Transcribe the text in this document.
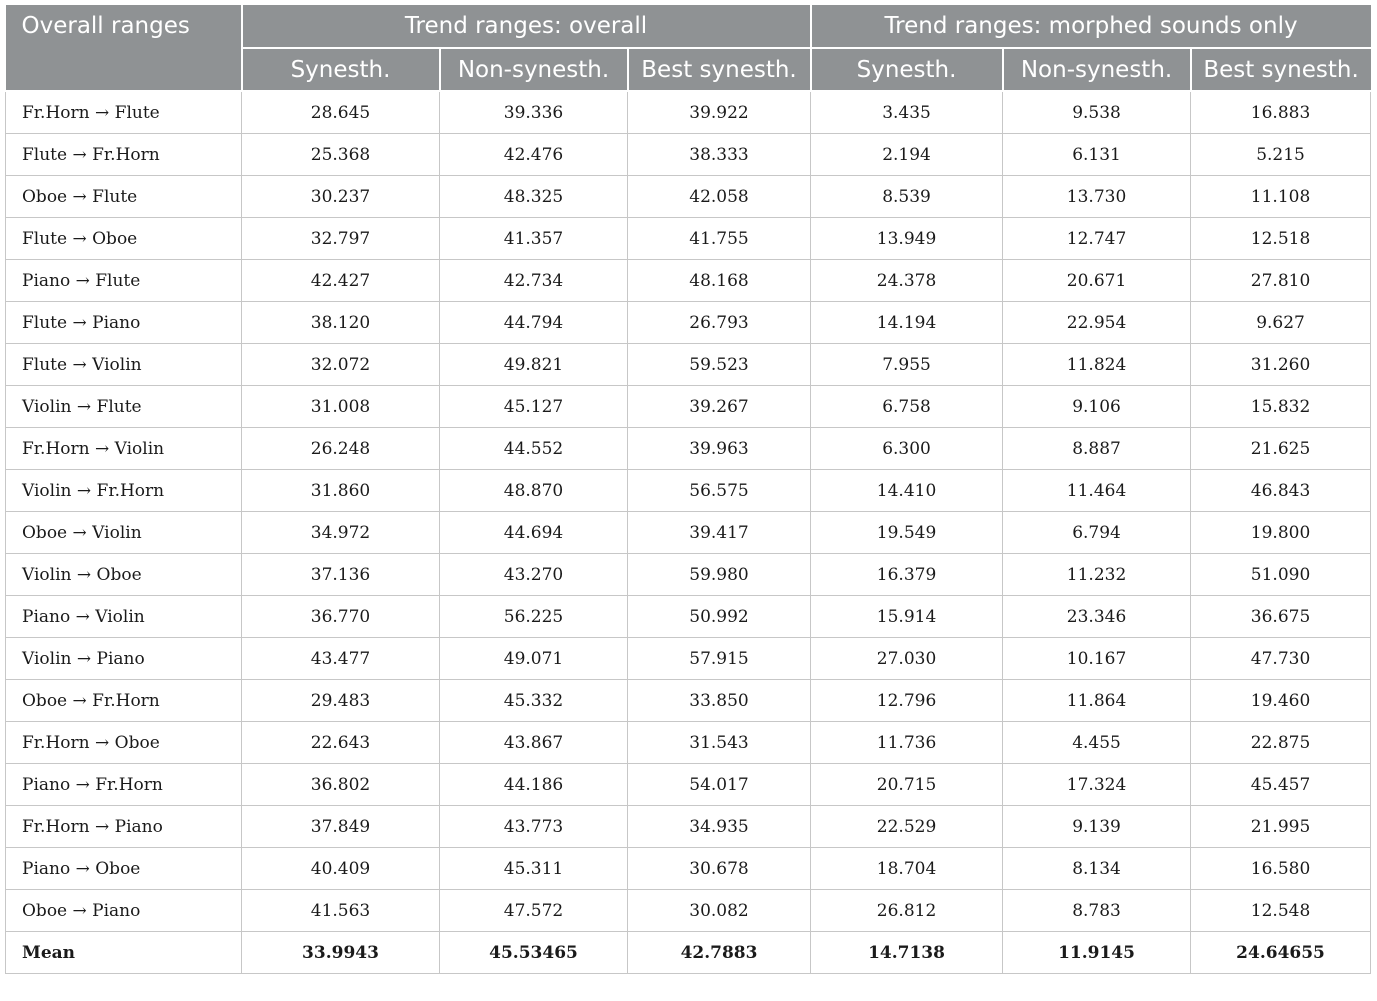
Overall ranges	Trend ranges: overall			Trend ranges: morphed sounds only		
	Synesth.	Non-synesth.	Best synesth.	Synesth.	Non-synesth.	Best synesth.
Fr.Horn → Flute	28.645	39.336	39.922	3.435	9.538	16.883
Flute → Fr.Horn	25.368	42.476	38.333	2.194	6.131	5.215
Oboe → Flute	30.237	48.325	42.058	8.539	13.730	11.108
Flute → Oboe	32.797	41.357	41.755	13.949	12.747	12.518
Piano → Flute	42.427	42.734	48.168	24.378	20.671	27.810
Flute → Piano	38.120	44.794	26.793	14.194	22.954	9.627
Flute → Violin	32.072	49.821	59.523	7.955	11.824	31.260
Violin → Flute	31.008	45.127	39.267	6.758	9.106	15.832
Fr.Horn → Violin	26.248	44.552	39.963	6.300	8.887	21.625
Violin → Fr.Horn	31.860	48.870	56.575	14.410	11.464	46.843
Oboe → Violin	34.972	44.694	39.417	19.549	6.794	19.800
Violin → Oboe	37.136	43.270	59.980	16.379	11.232	51.090
Piano → Violin	36.770	56.225	50.992	15.914	23.346	36.675
Violin → Piano	43.477	49.071	57.915	27.030	10.167	47.730
Oboe → Fr.Horn	29.483	45.332	33.850	12.796	11.864	19.460
Fr.Horn → Oboe	22.643	43.867	31.543	11.736	4.455	22.875
Piano → Fr.Horn	36.802	44.186	54.017	20.715	17.324	45.457
Fr.Horn → Piano	37.849	43.773	34.935	22.529	9.139	21.995
Piano → Oboe	40.409	45.311	30.678	18.704	8.134	16.580
Oboe → Piano	41.563	47.572	30.082	26.812	8.783	12.548
Mean	33.9943	45.53465	42.7883	14.7138	11.9145	24.64655
